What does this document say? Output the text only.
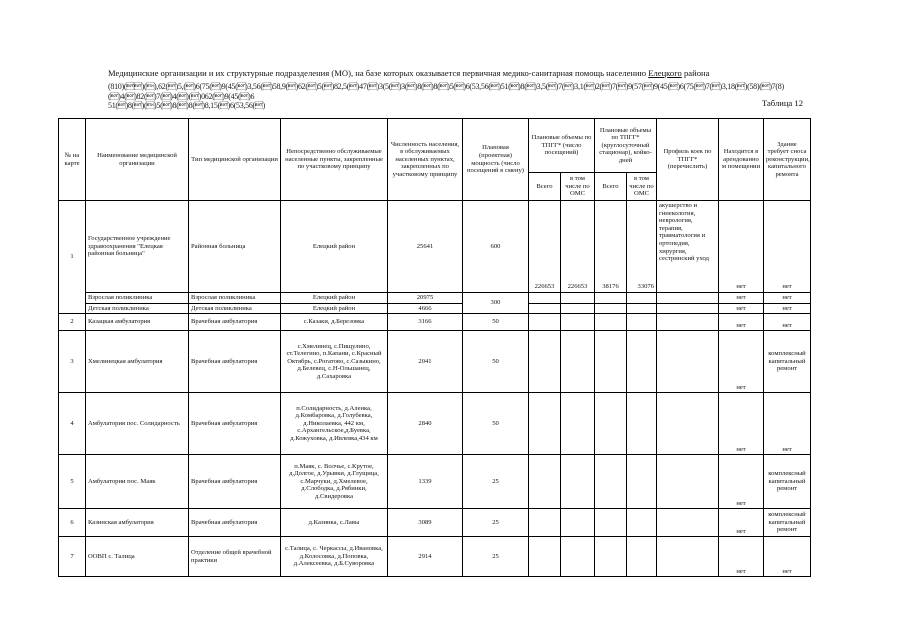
Медицинские организации и их структурные подразделения (МО), на базе которых оказывается первичная медико-санитарная помощь населению Елецкого района
(810)()(),62()5,()6(75()9(45()3,56()58,9()62()5()82,5()47()3(5()3()8()8()5()6(53,56()51()8()3,5()7()3,1()2()7()9(57()9(45()6(75()7()3,18()(58)()7(8)()4()82()7()4()()062()9(45()6
51()8()()5()8()8()8,15()6(53,56()	Таблица 12
№ на карте	Наименование медицинской организации	Тип медицинской организации	Непосредственно обслуживаемые населенные пункты, закрепленные по участковому принципу	Численность населения, в обслуживаемых населенных пунктах, закрепленных по участковому принципу	Плановая (проектная) мощность (число посещений в смену)	Плановые объемы по ТПГГ* (число посещений)		Плановые объемы по ТПГГ* (круглосуточный стационар), койко-дней		Профиль коек по ТПГГ* (перечислить)	Находится в арендованно м помещении	Здание требует сноса реконструкции, капитального ремонта
						Всего	в том числе по ОМС	Всего	в том числе по ОМС			
1	Государственное учреждение здравоохранения "Елецкая районная больница"	Районная больница	Елецкий район	25641	600	226653	226653	38176	33076	акушерство и гинекология, неврология, терапия, травматология и ортопедия, хирургия, сестринский уход	нет	нет
	Взрослая поликлиника	Взрослая поликлиника	Елецкий район	20975	300						нет	нет
	Детская поликлиника	Детская поликлиника	Елецкий район	4666							нет	нет
2	Казацкая амбулатория	Врачебная амбулатория	с.Казаки, д.Березовка	3166	50						нет	нет
3	Хмелинецкая амбулатория	Врачебная амбулатория	с.Хмелинец, с.Пищулино, ст.Телегино, п.Капани, с.Красный Октябрь, с.Рогатово, с.Сазыкино, д.Белевец, с.Н-Ольшанец, д.Сахаровка	2041	50						нет	комплексный капитальный ремонт
4	Амбулатория пос. Солидарность	Врачебная амбулатория	п.Солидарность, д.Аленка, д.Комбаровка, д.Голубевка, д.Николаевка, 442 км, с.Архангельское,д.Буевка, д.Кожуховка, д.Ивлевка,434 км	2840	50						нет	нет
5	Амбулатории пос. Маяк	Врачебная амбулатория	п.Маяк, с. Волчье, с.Крутое, д.Долгое, д.Урывки, д.Глущица, с.Марчуки, д.Хмелевое, д.Слободка, д.Рябинки, д.Свидеровка	1339	25						нет	комплексный капитальный ремонт
6	Казинская амбулатория	Врачебная амбулатория	д.Казинка, с.Лавы	3089	25						нет	комплексный капитальный ремонт
7	ООВП с. Талица	Отделение общей врачебной практики	с.Талица, с. Черкассы, д.Ивановка, д.Колосовка, д.Поповка, д.Алексеевка, д.Б.Суворовка	2914	25						нет	нет
